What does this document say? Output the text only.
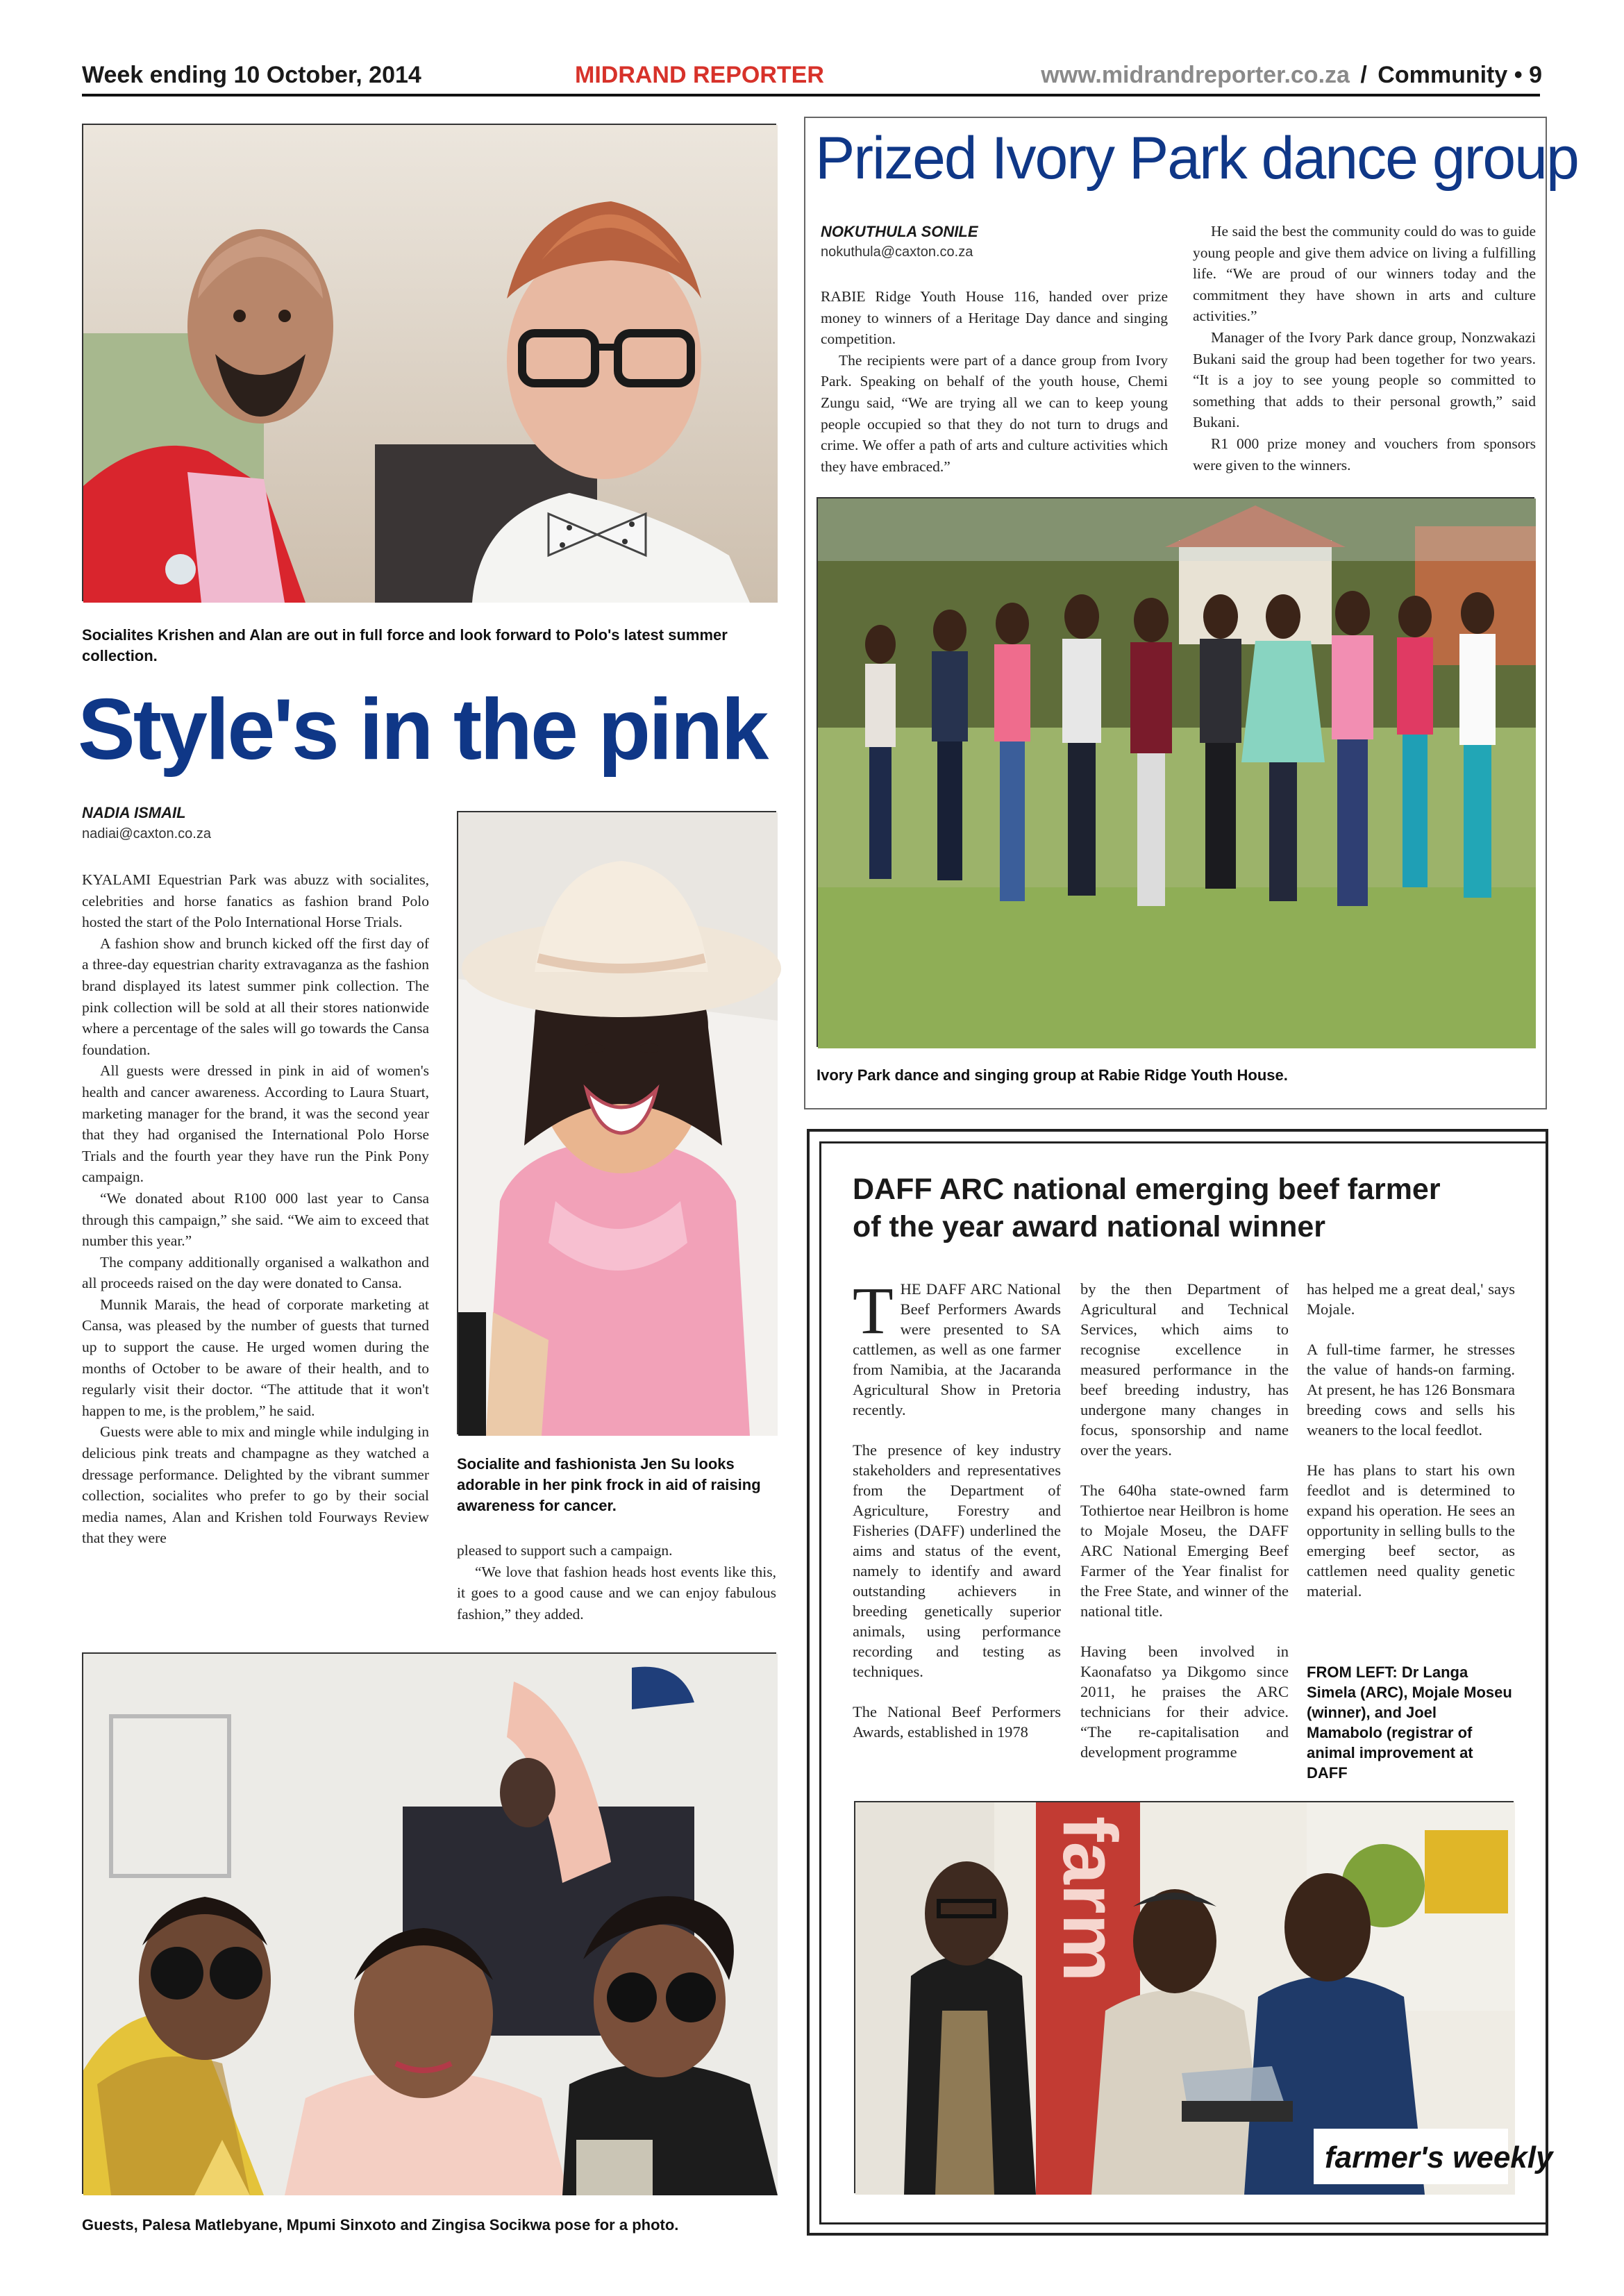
Week ending 10 October, 2014	MIDRAND REPORTER	www.midrandreporter.co.za / Community • 9
Socialites Krishen and Alan are out in full force and look forward to Polo's latest summer collection.
Style's in the pink
NADIA ISMAIL
nadiai@caxton.co.za

KYALAMI Equestrian Park was abuzz with socialites, celebrities and horse fanatics as fashion brand Polo hosted the start of the Polo International Horse Trials.

A fashion show and brunch kicked off the first day of a three-day equestrian charity extravaganza as the fashion brand displayed its latest summer pink collection. The pink collection will be sold at all their stores nationwide where a percentage of the sales will go towards the Cansa foundation.

All guests were dressed in pink in aid of women's health and cancer awareness. According to Laura Stuart, marketing manager for the brand, it was the second year that they had organised the International Polo Horse Trials and the fourth year they have run the Pink Pony campaign.

“We donated about R100 000 last year to Cansa through this campaign,” she said. “We aim to exceed that number this year.”

The company additionally organised a walkathon and all proceeds raised on the day were donated to Cansa.

Munnik Marais, the head of corporate marketing at Cansa, was pleased by the number of guests that turned up to support the cause. He urged women during the months of October to be aware of their health, and to regularly visit their doctor. “The attitude that it won't happen to me, is the problem,” he said.

Guests were able to mix and mingle while indulging in delicious pink treats and champagne as they watched a dressage performance. Delighted by the vibrant summer collection, socialites who prefer to go by their social media names, Alan and Krishen told Fourways Review that they were

Socialite and fashionista Jen Su looks adorable in her pink frock in aid of raising awareness for cancer.

pleased to support such a campaign.

“We love that fashion heads host events like this, it goes to a good cause and we can enjoy fabulous fashion,” they added.

Guests, Palesa Matlebyane, Mpumi Sinxoto and Zingisa Socikwa pose for a photo.
Prized Ivory Park dance group
NOKUTHULA SONILE
nokuthula@caxton.co.za

RABIE Ridge Youth House 116, handed over prize money to winners of a Heritage Day dance and singing competition.

The recipients were part of a dance group from Ivory Park. Speaking on behalf of the youth house, Chemi Zungu said, “We are trying all we can to keep young people occupied so that they do not turn to drugs and crime. We offer a path of arts and culture activities which they have embraced.”

He said the best the community could do was to guide young people and give them advice on living a fulfilling life. “We are proud of our winners today and the commitment they have shown in arts and culture activities.”

Manager of the Ivory Park dance group, Nonzwakazi Bukani said the group had been together for two years. “It is a joy to see young people so committed to something that adds to their personal growth,” said Bukani.

R1 000 prize money and vouchers from sponsors were given to the winners.

Ivory Park dance and singing group at Rabie Ridge Youth House.
DAFF ARC national emerging beef farmer
of the year award national winner

THE DAFF ARC National Beef Performers Awards were presented to SA cattlemen, as well as one farmer from Namibia, at the Jacaranda Agricultural Show in Pretoria recently.

The presence of key industry stakeholders and representatives from the Department of Agriculture, Forestry and Fisheries (DAFF) underlined the aims and status of the event, namely to identify and award outstanding achievers in breeding genetically superior animals, using performance recording and testing as techniques.

The National Beef Performers Awards, established in 1978

by the then Department of Agricultural and Technical Services, which aims to recognise excellence in measured performance in the beef breeding industry, has undergone many changes in focus, sponsorship and name over the years.

The 640ha state-owned farm Tothiertoe near Heilbron is home to Mojale Moseu, the DAFF ARC National Emerging Beef Farmer of the Year finalist for the Free State, and winner of the national title.

Having been involved in Kaonafatso ya Dikgomo since 2011, he praises the ARC technicians for their advice. “The re-capitalisation and development programme

has helped me a great deal,' says Mojale.

A full-time farmer, he stresses the value of hands-on farming. At present, he has 126 Bonsmara breeding cows and sells his weaners to the local feedlot.

He has plans to start his own feedlot and is determined to expand his operation. He sees an opportunity in selling bulls to the emerging beef sector, as cattlemen need quality genetic material.

FROM LEFT: Dr Langa Simela (ARC), Mojale Moseu (winner), and Joel Mamabolo (registrar of animal improvement at DAFF
farm
farmer's weekly
